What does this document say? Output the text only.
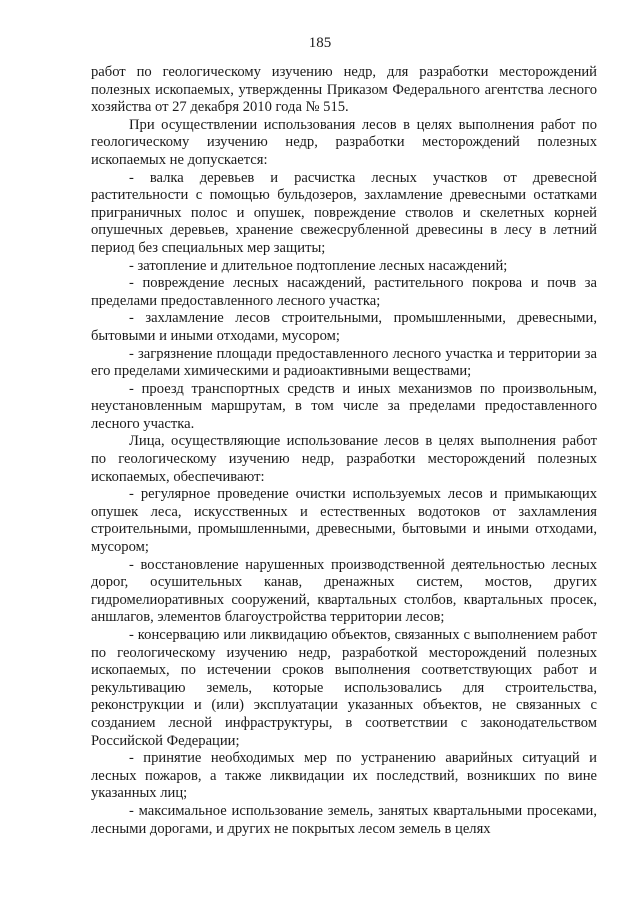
185

работ по геологическому изучению недр, для разработки месторождений полезных ископаемых, утвержденны Приказом Федерального агентства лесного хозяйства от 27 декабря 2010 года № 515.

При осуществлении использования лесов в целях выполнения работ по геологическому изучению недр, разработки месторождений полезных ископаемых не допускается:

- валка деревьев и расчистка лесных участков от древесной растительности с помощью бульдозеров, захламление древесными остатками приграничных полос и опушек, повреждение стволов и скелетных корней опушечных деревьев, хранение свежесрубленной древесины в лесу в летний период без специальных мер защиты;

- затопление и длительное подтопление лесных насаждений;

- повреждение лесных насаждений, растительного покрова и почв за пределами предоставленного лесного участка;

- захламление лесов строительными, промышленными, древесными, бытовыми и иными отходами, мусором;

- загрязнение площади предоставленного лесного участка и территории за его пределами химическими и радиоактивными веществами;

- проезд транспортных средств и иных механизмов по произвольным, неустановленным маршрутам, в том числе за пределами предоставленного лесного участка.

Лица, осуществляющие использование лесов в целях выполнения работ по геологическому изучению недр, разработки месторождений полезных ископаемых, обеспечивают:

- регулярное проведение очистки используемых лесов и примыкающих опушек леса, искусственных и естественных водотоков от захламления строительными, промышленными, древесными, бытовыми и иными отходами, мусором;

- восстановление нарушенных производственной деятельностью лесных дорог, осушительных канав, дренажных систем, мостов, других гидромелиоративных сооружений, квартальных столбов, квартальных просек, аншлагов, элементов благоустройства территории лесов;

- консервацию или ликвидацию объектов, связанных с выполнением работ по геологическому изучению недр, разработкой месторождений полезных ископаемых, по истечении сроков выполнения соответствующих работ и рекультивацию земель, которые использовались для строительства, реконструкции и (или) эксплуатации указанных объектов, не связанных с созданием лесной инфраструктуры, в соответствии с законодательством Российской Федерации;

- принятие необходимых мер по устранению аварийных ситуаций и лесных пожаров, а также ликвидации их последствий, возникших по вине указанных лиц;

- максимальное использование земель, занятых квартальными просеками, лесными дорогами, и других не покрытых лесом земель в целях
